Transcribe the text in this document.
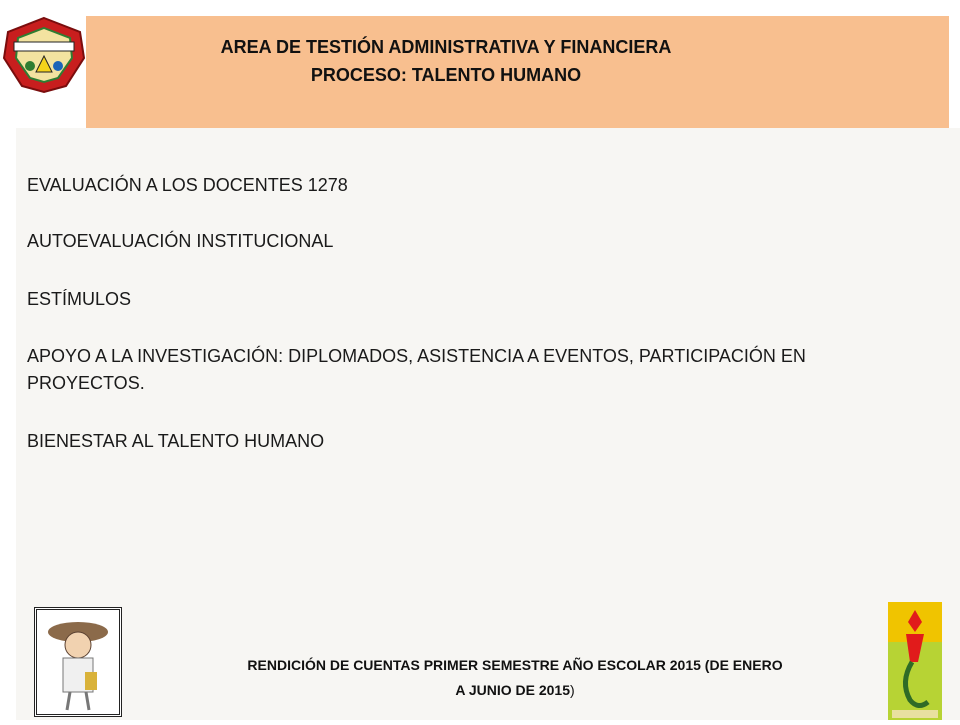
AREA DE TESTIÓN ADMINISTRATIVA Y FINANCIERA
PROCESO: TALENTO HUMANO
EVALUACIÓN A LOS DOCENTES 1278
AUTOEVALUACIÓN INSTITUCIONAL
ESTÍMULOS
APOYO A LA INVESTIGACIÓN: DIPLOMADOS, ASISTENCIA A EVENTOS, PARTICIPACIÓN EN PROYECTOS.
BIENESTAR AL TALENTO HUMANO
RENDICIÓN DE CUENTAS PRIMER SEMESTRE AÑO ESCOLAR 2015 (DE ENERO
A JUNIO DE 2015)
